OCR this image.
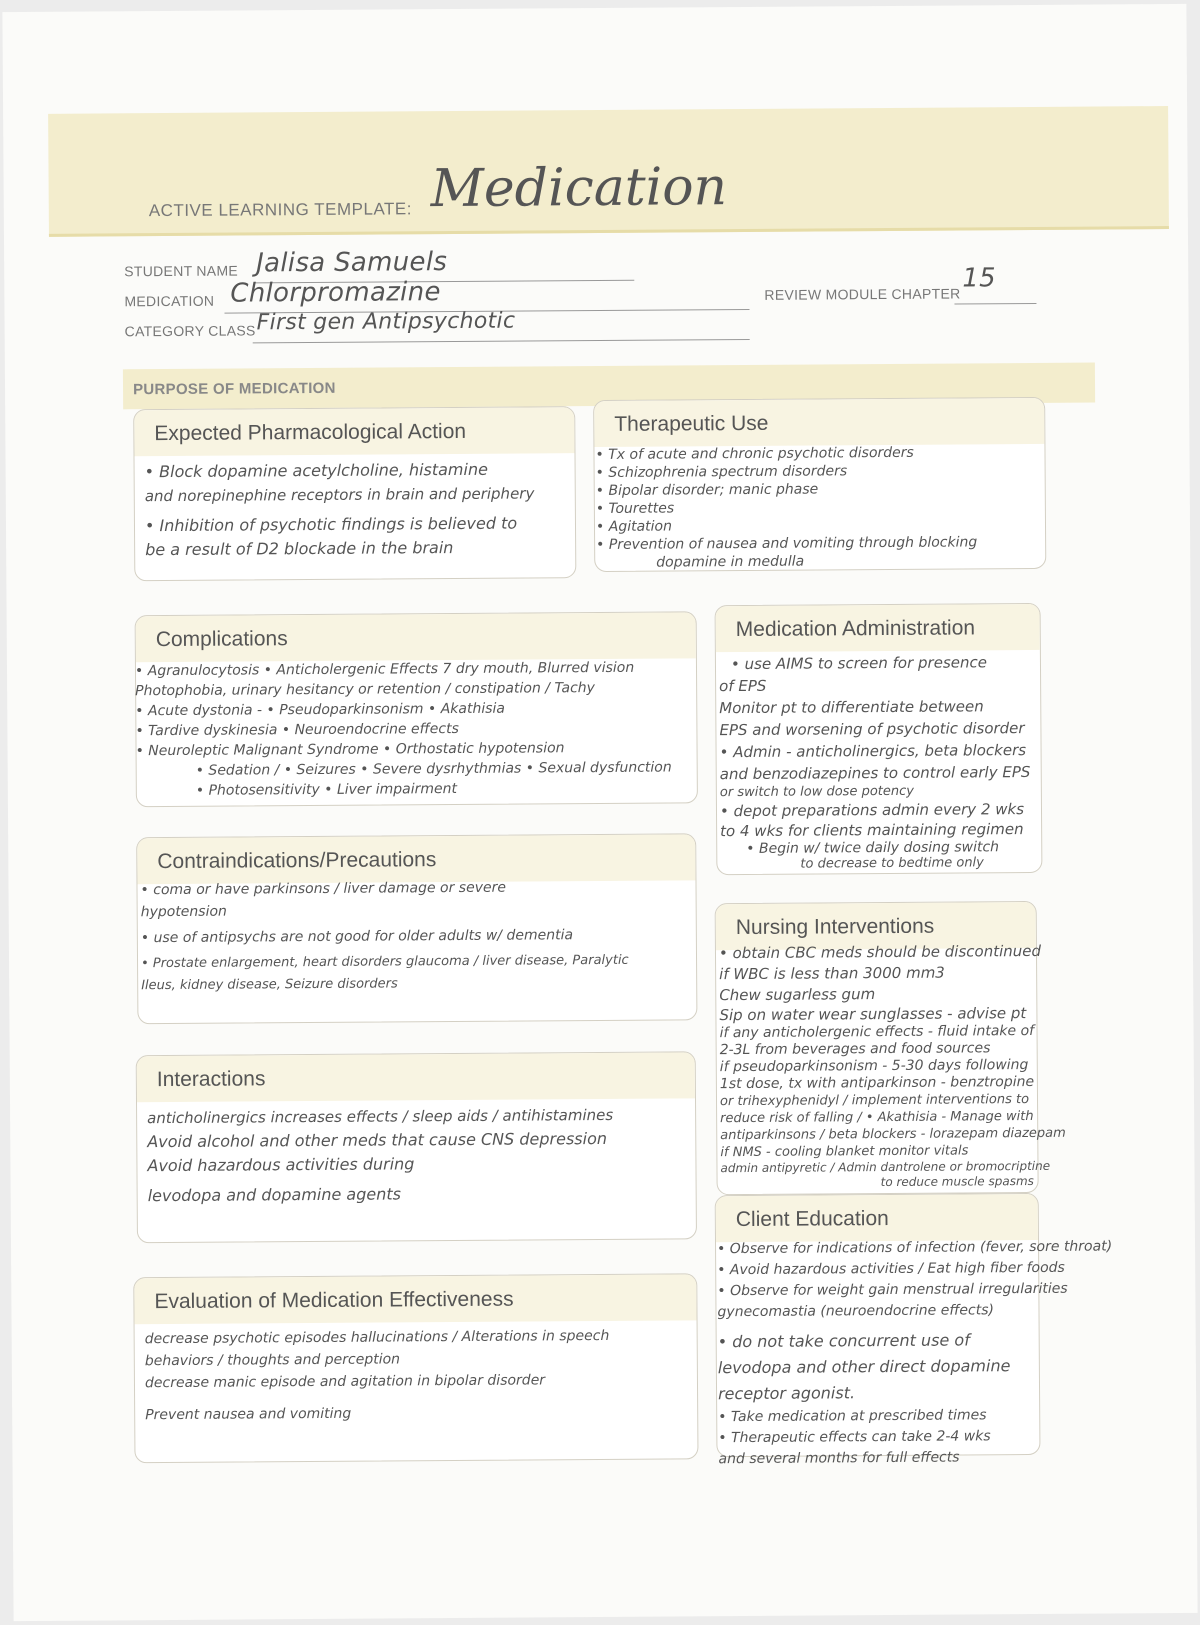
ACTIVE LEARNING TEMPLATE: Medication
STUDENT NAME Jalisa Samuels
MEDICATION Chlorpromazine
CATEGORY CLASS First gen Antipsychotic
REVIEW MODULE CHAPTER
15
PURPOSE OF MEDICATION
Expected Pharmacological Action
• Block dopamine acetylcholine, histamine
and norepinephine receptors in brain and periphery
• Inhibition of psychotic findings is believed to
be a result of D2 blockade in the brain
Therapeutic Use
• Tx of acute and chronic psychotic disorders
• Schizophrenia spectrum disorders
• Bipolar disorder; manic phase
• Tourettes
• Agitation
• Prevention of nausea and vomiting through blocking
dopamine in medulla
Complications
• Agranulocytosis • Anticholergenic Effects 7 dry mouth, Blurred vision
Photophobia, urinary hesitancy or retention / constipation / Tachy
• Acute dystonia - • Pseudoparkinsonism • Akathisia
• Tardive dyskinesia • Neuroendocrine effects
• Neuroleptic Malignant Syndrome • Orthostatic hypotension
• Sedation / • Seizures • Severe dysrhythmias • Sexual dysfunction
• Photosensitivity • Liver impairment
Medication Administration
• use AIMS to screen for presence
of EPS
Monitor pt to differentiate between
EPS and worsening of psychotic disorder
• Admin - anticholinergics, beta blockers
and benzodiazepines to control early EPS
or switch to low dose potency
• depot preparations admin every 2 wks
to 4 wks for clients maintaining regimen
• Begin w/ twice daily dosing switch
to decrease to bedtime only
Contraindications/Precautions
• coma or have parkinsons / liver damage or severe
hypotension
• use of antipsychs are not good for older adults w/ dementia
• Prostate enlargement, heart disorders glaucoma / liver disease, Paralytic
Ileus, kidney disease, Seizure disorders
Nursing Interventions
• obtain CBC meds should be discontinued
if WBC is less than 3000 mm3
Chew sugarless gum
Sip on water wear sunglasses - advise pt
if any anticholergenic effects - fluid intake of
2-3L from beverages and food sources
if pseudoparkinsonism - 5-30 days following
1st dose, tx with antiparkinson - benztropine
or trihexyphenidyl / implement interventions to
reduce risk of falling / • Akathisia - Manage with
antiparkinsons / beta blockers - lorazepam diazepam
if NMS - cooling blanket monitor vitals
admin antipyretic / Admin dantrolene or bromocriptine
to reduce muscle spasms
Interactions
anticholinergics increases effects / sleep aids / antihistamines
Avoid alcohol and other meds that cause CNS depression
Avoid hazardous activities during
levodopa and dopamine agents
Client Education
• Observe for indications of infection (fever, sore throat)
• Avoid hazardous activities / Eat high fiber foods
• Observe for weight gain menstrual irregularities
gynecomastia (neuroendocrine effects)
• do not take concurrent use of
levodopa and other direct dopamine
receptor agonist.
• Take medication at prescribed times
• Therapeutic effects can take 2-4 wks
and several months for full effects
Evaluation of Medication Effectiveness
decrease psychotic episodes hallucinations / Alterations in speech
behaviors / thoughts and perception
decrease manic episode and agitation in bipolar disorder
Prevent nausea and vomiting
